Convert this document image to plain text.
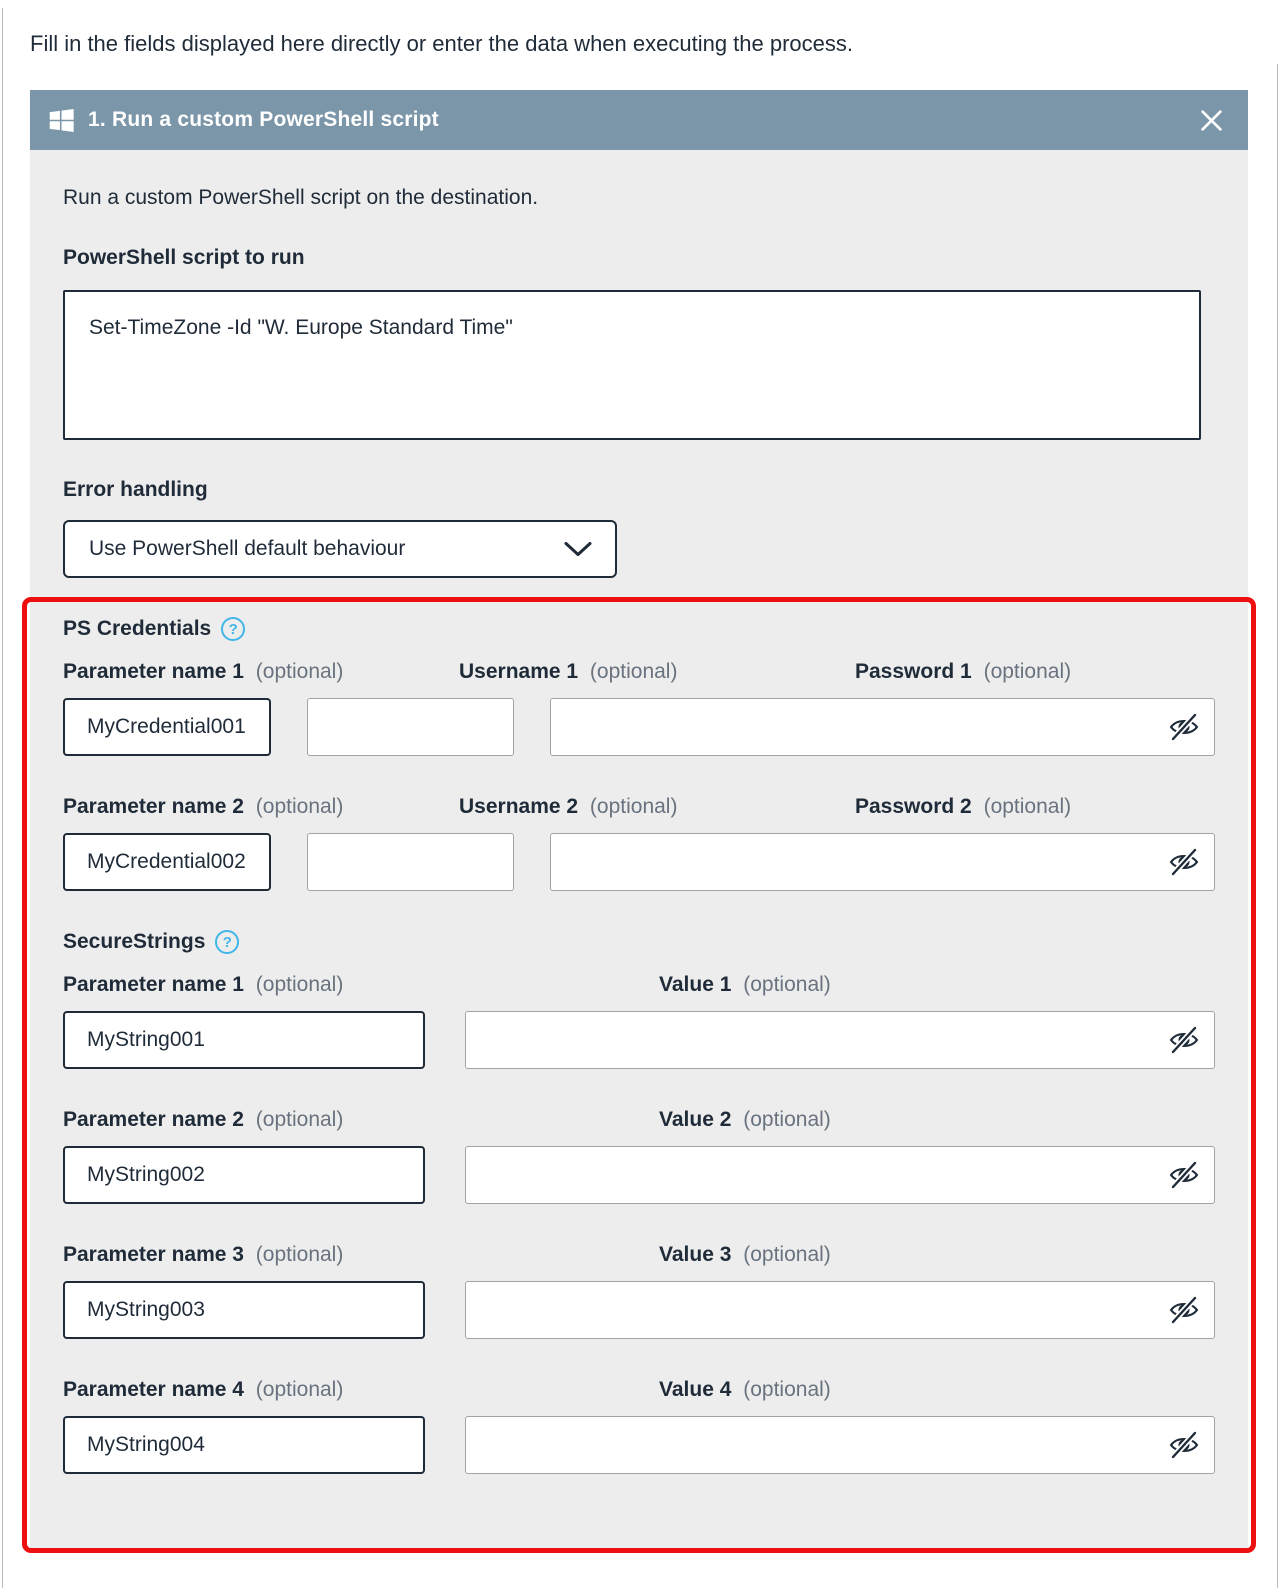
Fill in the fields displayed here directly or enter the data when executing the process.

1. Run a custom PowerShell script
Run a custom PowerShell script on the destination.
PowerShell script to run
Set-TimeZone -Id "W. Europe Standard Time"
Error handling
Use PowerShell default behaviour
PS Credentials	?
Parameter name 1 (optional)	Username 1 (optional)	Password 1 (optional)
MyCredential001
Parameter name 2 (optional)	Username 2 (optional)	Password 2 (optional)
MyCredential002
SecureStrings	?
Parameter name 1 (optional)	Value 1 (optional)
MyString001
Parameter name 2 (optional)	Value 2 (optional)
MyString002
Parameter name 3 (optional)	Value 3 (optional)
MyString003
Parameter name 4 (optional)	Value 4 (optional)
MyString004
